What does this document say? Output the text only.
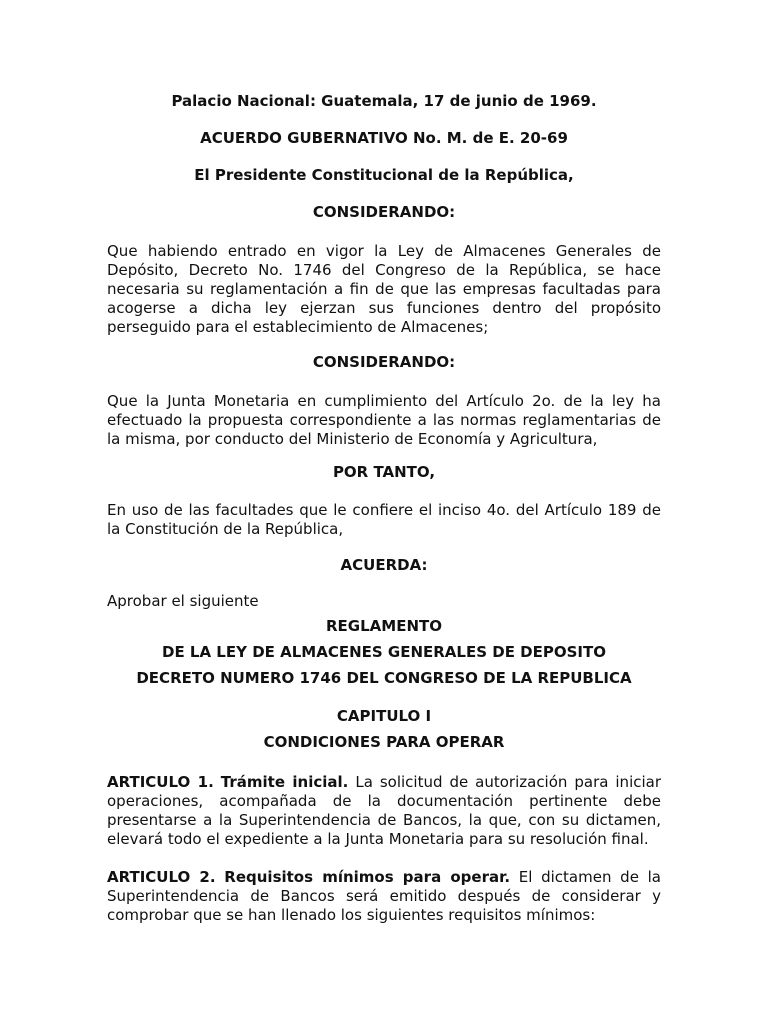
Palacio Nacional: Guatemala, 17 de junio de 1969.

ACUERDO GUBERNATIVO No. M. de E. 20-69

El Presidente Constitucional de la República,

CONSIDERANDO:

Que habiendo entrado en vigor la Ley de Almacenes Generales de Depósito, Decreto No. 1746 del Congreso de la República, se hace necesaria su reglamentación a fin de que las empresas facultadas para acogerse a dicha ley ejerzan sus funciones dentro del propósito perseguido para el establecimiento de Almacenes;

CONSIDERANDO:

Que la Junta Monetaria en cumplimiento del Artículo 2o. de la ley ha efectuado la propuesta correspondiente a las normas reglamentarias de la misma, por conducto del Ministerio de Economía y Agricultura,

POR TANTO,

En uso de las facultades que le confiere el inciso 4o. del Artículo 189 de la Constitución de la República,

ACUERDA:

Aprobar el siguiente

REGLAMENTO

DE LA LEY DE ALMACENES GENERALES DE DEPOSITO

DECRETO NUMERO 1746 DEL CONGRESO DE LA REPUBLICA

CAPITULO I

CONDICIONES PARA OPERAR

ARTICULO 1. Trámite inicial. La solicitud de autorización para iniciar operaciones, acompañada de la documentación pertinente debe presentarse a la Superintendencia de Bancos, la que, con su dictamen, elevará todo el expediente a la Junta Monetaria para su resolución final.

ARTICULO 2. Requisitos mínimos para operar. El dictamen de la Superintendencia de Bancos será emitido después de considerar y comprobar que se han llenado los siguientes requisitos mínimos:
